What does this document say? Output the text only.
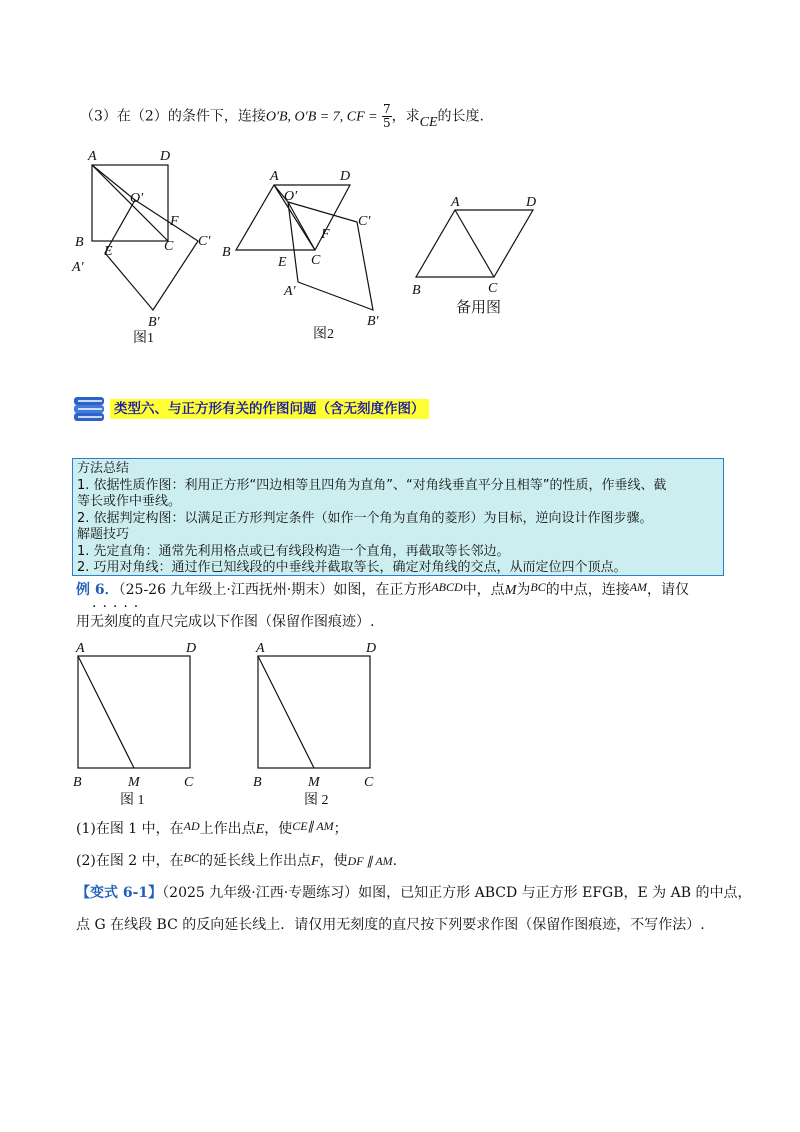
（3）在（2）的条件下，连接O′B, O′B = 7, CF = $\frac{7}{5}$ ，求CE的长度.
A	D
O′
F
B
E	C C′
A′
B′
图1
A	D
O′
C′
F
B
E C
A′
B′
图2
A	D
B	C
备用图
类型六、与正方形有关的作图问题（含无刻度作图）
方法总结
1. 依据性质作图：利用正方形“四边相等且四角为直角”、“对角线垂直平分且相等”的性质，作垂线、截
等长或作中垂线。
2. 依据判定构图：以满足正方形判定条件（如作一个角为直角的菱形）为目标，逆向设计作图步骤。
解题技巧
1. 先定直角：通常先利用格点或已有线段构造一个直角，再截取等长邻边。
2. 巧用对角线：通过作已知线段的中垂线并截取等长，确定对角线的交点，从而定位四个顶点。
例 6．（25-26 九年级上·江西抚州·期末）如图，在正方形ABCD中，点M为BC的中点，连接AM，请仅
.....
用无刻度的直尺完成以下作图（保留作图痕迹）.
A	D
B	M	C
图 1
A	D
B	M	C
图 2
(1)在图 1 中，在AD上作出点E，使CE∥ AM；
(2)在图 2 中，在BC的延长线上作出点F，使DF ∥ AM.
【变式 6-1】（2025 九年级·江西·专题练习）如图，已知正方形 ABCD 与正方形 EFGB，E 为 AB 的中点，
点 G 在线段 BC 的反向延长线上．请仅用无刻度的直尺按下列要求作图（保留作图痕迹，不写作法）.
